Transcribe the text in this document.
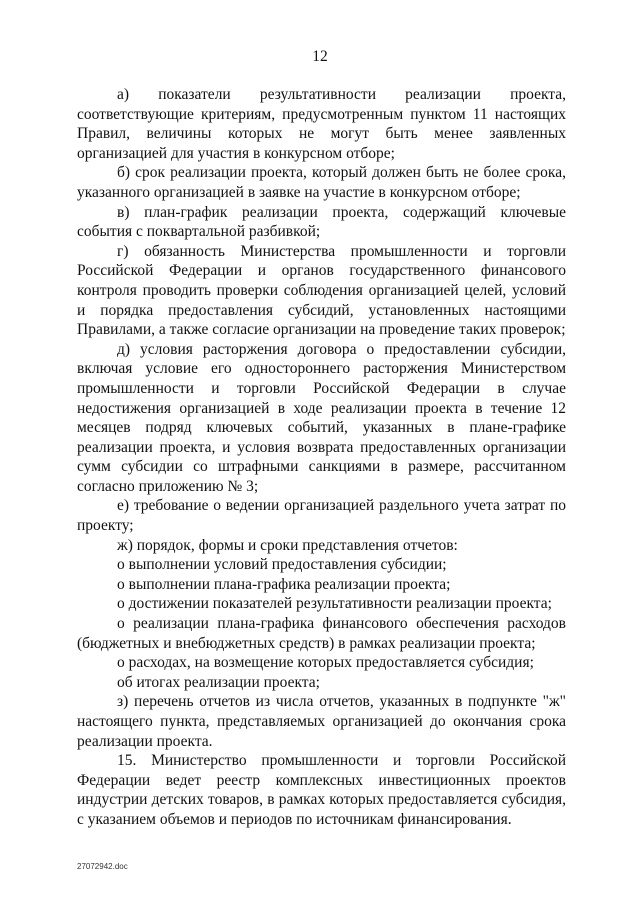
12

а) показатели результативности реализации проекта, соответствующие критериям, предусмотренным пунктом 11 настоящих Правил, величины которых не могут быть менее заявленных организацией для участия в конкурсном отборе;

б) срок реализации проекта, который должен быть не более срока, указанного организацией в заявке на участие в конкурсном отборе;

в) план-график реализации проекта, содержащий ключевые события с поквартальной разбивкой;

г) обязанность Министерства промышленности и торговли Российской Федерации и органов государственного финансового контроля проводить проверки соблюдения организацией целей, условий и порядка предоставления субсидий, установленных настоящими Правилами, а также согласие организации на проведение таких проверок;

д) условия расторжения договора о предоставлении субсидии, включая условие его одностороннего расторжения Министерством промышленности и торговли Российской Федерации в случае недостижения организацией в ходе реализации проекта в течение 12 месяцев подряд ключевых событий, указанных в плане-графике реализации проекта, и условия возврата предоставленных организации сумм субсидии со штрафными санкциями в размере, рассчитанном согласно приложению № 3;

е) требование о ведении организацией раздельного учета затрат по проекту;

ж) порядок, формы и сроки представления отчетов:

о выполнении условий предоставления субсидии;

о выполнении плана-графика реализации проекта;

о достижении показателей результативности реализации проекта;

о реализации плана-графика финансового обеспечения расходов (бюджетных и внебюджетных средств) в рамках реализации проекта;

о расходах, на возмещение которых предоставляется субсидия;

об итогах реализации проекта;

з) перечень отчетов из числа отчетов, указанных в подпункте "ж" настоящего пункта, представляемых организацией до окончания срока реализации проекта.

15. Министерство промышленности и торговли Российской Федерации ведет реестр комплексных инвестиционных проектов индустрии детских товаров, в рамках которых предоставляется субсидия, с указанием объемов и периодов по источникам финансирования.

27072942.doc
